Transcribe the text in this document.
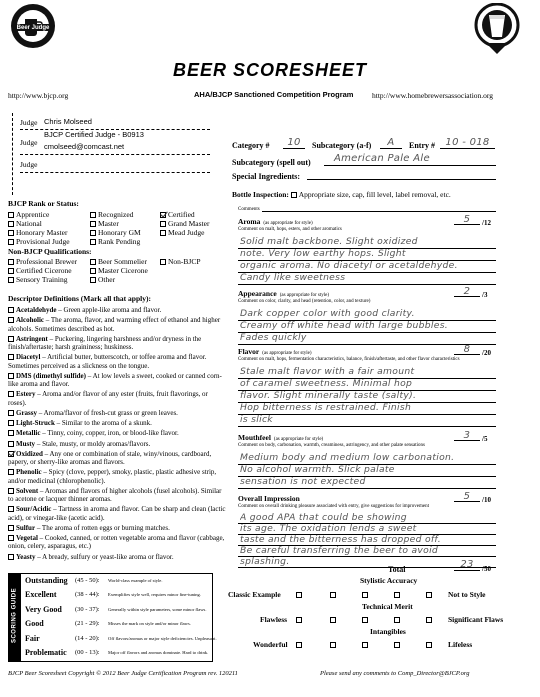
Beer Judge
BEER SCORESHEET
http://www.bjcp.org	AHA/BJCP Sanctioned Competition Program http://www.homebrewersassociation.org
Judge Chris Molseed
Judge
BJCP Certified Judge - B0913
cmolseed@comcast.net
Judge
Category #	10	Subcategory (a-f)	A	Entry #	10 - 018
Subcategory (spell out)	American Pale Ale
Special Ingredients:
Bottle Inspection: Appropriate size, cap, fill level, label removal, etc.
Comments
BJCP Rank or Status:
Apprentice	Recognized	Certified
National	Master	Grand Master
Honorary Master	Honorary GM	Mead Judge
Provisional Judge	Rank Pending
Non-BJCP Qualifications:
Professional Brewer	Beer Sommelier	Non-BJCP
Certified Cicerone	Master Cicerone
Sensory Training	Other
Descriptor Definitions (Mark all that apply):

Acetaldehyde – Green apple-like aroma and flavor.

Alcoholic – The aroma, flavor, and warming effect of ethanol and higher alcohols. Sometimes described as hot.

Astringent – Puckering, lingering harshness and/or dryness in the finish/aftertaste; harsh graininess; huskiness.

Diacetyl – Artificial butter, butterscotch, or toffee aroma and flavor. Sometimes perceived as a slickness on the tongue.

DMS (dimethyl sulfide) – At low levels a sweet, cooked or canned corn-like aroma and flavor.

Estery – Aroma and/or flavor of any ester (fruits, fruit flavorings, or roses).

Grassy – Aroma/flavor of fresh-cut grass or green leaves.

Light-Struck – Similar to the aroma of a skunk.

Metallic – Tinny, coiny, copper, iron, or blood-like flavor.

Musty – Stale, musty, or moldy aromas/flavors.

Oxidized – Any one or combination of stale, winy/vinous, cardboard, papery, or sherry-like aromas and flavors.

Phenolic – Spicy (clove, pepper), smoky, plastic, plastic adhesive strip, and/or medicinal (chlorophenolic).

Solvent – Aromas and flavors of higher alcohols (fusel alcohols). Similar to acetone or lacquer thinner aromas.

Sour/Acidic – Tartness in aroma and flavor. Can be sharp and clean (lactic acid), or vinegar-like (acetic acid).

Sulfur – The aroma of rotten eggs or burning matches.

Vegetal – Cooked, canned, or rotten vegetable aroma and flavor (cabbage, onion, celery, asparagus, etc.)

Yeasty – A bready, sulfury or yeast-like aroma or flavor.

Aroma (as appropriate for style)
Comment on malt, hops, esters, and other aromatics
5	/12
Solid malt backbone. Slight oxidized
note. Very low earthy hops. Slight
organic aroma. No diacetyl or acetaldehyde.
Candy like sweetness
Appearance (as appropriate for style)
Comment on color, clarity, and head (retention, color, and texture)
2	/3
Dark copper color with good clarity.
Creamy off white head with large bubbles.
Fades quickly
Flavor (as appropriate for style)
Comment on malt, hops, fermentation characteristics, balance, finish/aftertaste, and other flavor characteristics
8	/20
Stale malt flavor with a fair amount
of caramel sweetness. Minimal hop
flavor. Slight minerally taste (salty).
Hop bitterness is restrained. Finish
is slick
Mouthfeel (as appropriate for style)
Comment on body, carbonation, warmth, creaminess, astringency, and other palate sensations
3	/5
Medium body and medium low carbonation.
No alcohol warmth. Slick palate
sensation is not expected
Overall Impression
Comment on overall drinking pleasure associated with entry, give suggestions for improvement
5	/10
A good APA that could be showing
its age. The oxidation lends a sweet
taste and the bitterness has dropped off.
Be careful transferring the beer to avoid
splashing.
Total	23	/50
SCORING GUIDE
Outstanding (45 - 50): World-class example of style.
Excellent	(38 - 44): Exemplifies style well, requires minor fine-tuning.
Very Good (30 - 37): Generally within style parameters, some minor flaws.
Good	(21 - 29): Misses the mark on style and/or minor flaws.
Fair	(14 - 20): Off flavors/aromas or major style deficiencies. Unpleasant.
Problematic (00 - 13): Major off flavors and aromas dominate. Hard to drink.
Stylistic Accuracy
Classic Example	Not to Style
Technical Merit
Flawless	Significant Flaws
Intangibles
Wonderful	Lifeless
BJCP Beer Scoresheet Copyright © 2012 Beer Judge Certification Program rev. 120211	Please send any comments to Comp_Director@BJCP.org
